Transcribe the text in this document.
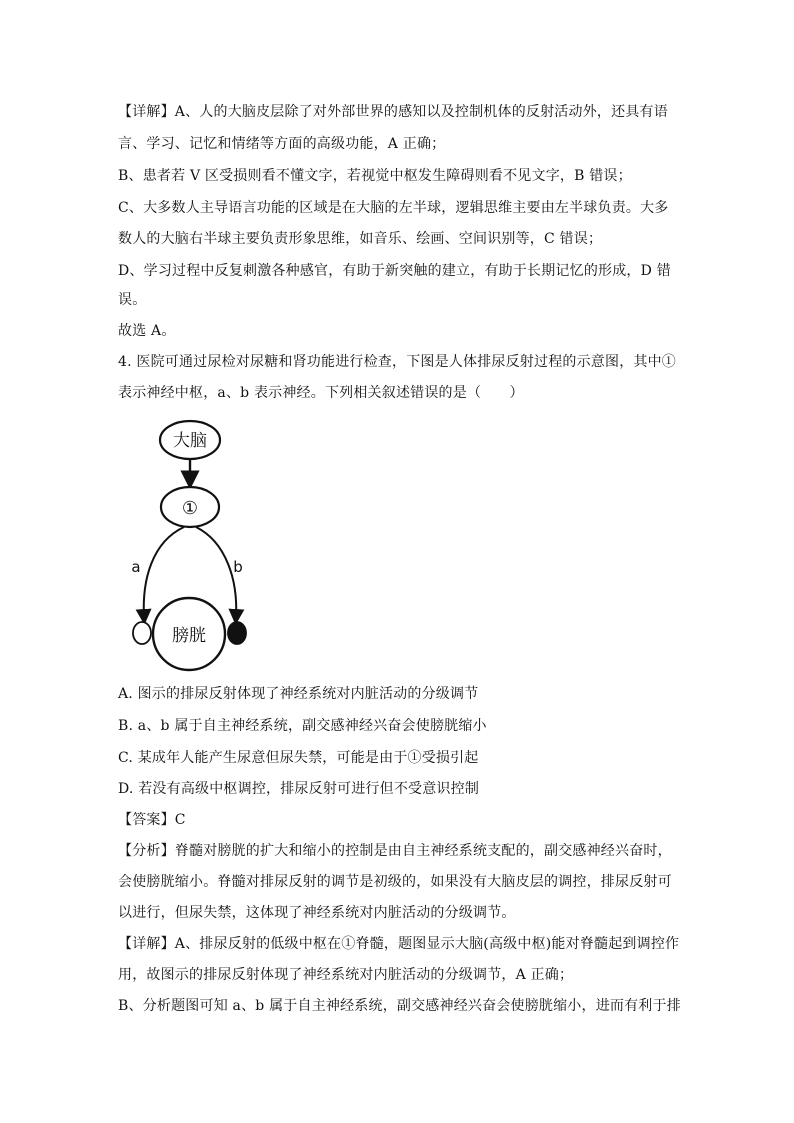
【详解】A、人的大脑皮层除了对外部世界的感知以及控制机体的反射活动外，还具有语
言、学习、记忆和情绪等方面的高级功能，A 正确；
B、患者若 V 区受损则看不懂文字，若视觉中枢发生障碍则看不见文字，B 错误；
C、大多数人主导语言功能的区域是在大脑的左半球，逻辑思维主要由左半球负责。大多
数人的大脑右半球主要负责形象思维，如音乐、绘画、空间识别等，C 错误；
D、学习过程中反复刺激各种感官，有助于新突触的建立，有助于长期记忆的形成，D 错
误。
故选 A。
4. 医院可通过尿检对尿糖和肾功能进行检查，下图是人体排尿反射过程的示意图，其中①
表示神经中枢，a、b 表示神经。下列相关叙述错误的是（　　）
大脑
①
a	b
膀胱
A. 图示的排尿反射体现了神经系统对内脏活动的分级调节
B. a、b 属于自主神经系统，副交感神经兴奋会使膀胱缩小
C. 某成年人能产生尿意但尿失禁，可能是由于①受损引起
D. 若没有高级中枢调控，排尿反射可进行但不受意识控制
【答案】C
【分析】脊髓对膀胱的扩大和缩小的控制是由自主神经系统支配的，副交感神经兴奋时，
会使膀胱缩小。脊髓对排尿反射的调节是初级的，如果没有大脑皮层的调控，排尿反射可
以进行，但尿失禁，这体现了神经系统对内脏活动的分级调节。
【详解】A、排尿反射的低级中枢在①脊髓，题图显示大脑(高级中枢)能对脊髓起到调控作
用，故图示的排尿反射体现了神经系统对内脏活动的分级调节，A 正确；
B、分析题图可知 a、b 属于自主神经系统，副交感神经兴奋会使膀胱缩小，进而有利于排
